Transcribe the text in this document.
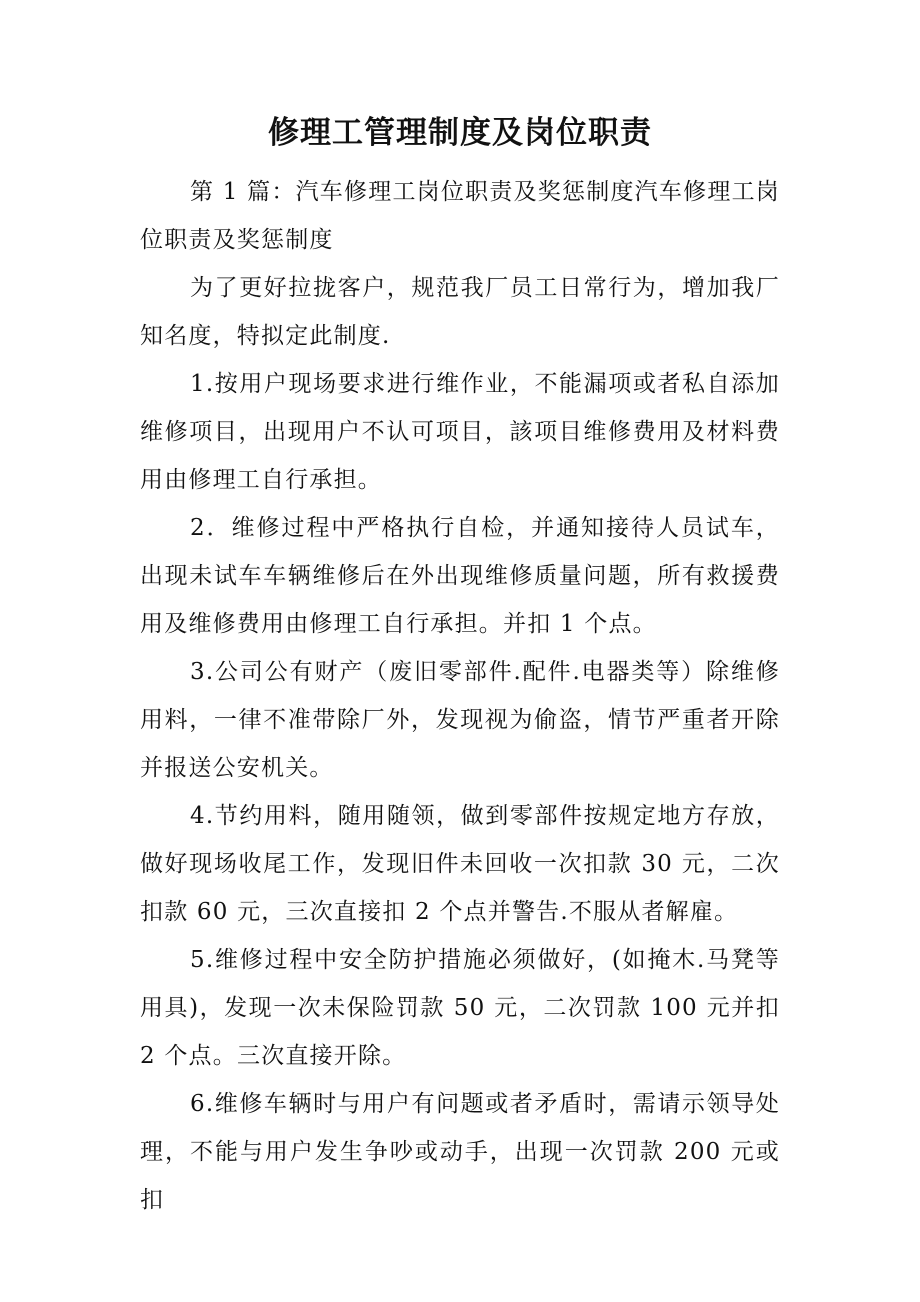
修理工管理制度及岗位职责

第 1 篇：汽车修理工岗位职责及奖惩制度汽车修理工岗位职责及奖惩制度

为了更好拉拢客户，规范我厂员工日常行为，增加我厂知名度，特拟定此制度.

1.按用户现场要求进行维作业，不能漏项或者私自添加维修项目，出现用户不认可项目，該项目维修费用及材料费用由修理工自行承担。

2．维修过程中严格执行自检，并通知接待人员试车，出现未试车车辆维修后在外出现维修质量问题，所有救援费用及维修费用由修理工自行承担。并扣 1 个点。

3.公司公有财产（废旧零部件.配件.电器类等）除维修用料，一律不准带除厂外，发现视为偷盗，情节严重者开除并报送公安机关。

4.节约用料，随用随领，做到零部件按规定地方存放，做好现场收尾工作，发现旧件未回收一次扣款 30 元，二次扣款 60 元，三次直接扣 2 个点并警告.不服从者解雇。

5.维修过程中安全防护措施必须做好，(如掩木.马凳等用具)，发现一次未保险罚款 50 元，二次罚款 100 元并扣 2 个点。三次直接开除。

6.维修车辆时与用户有问题或者矛盾时，需请示领导处理，不能与用户发生争吵或动手，出现一次罚款 200 元或扣
